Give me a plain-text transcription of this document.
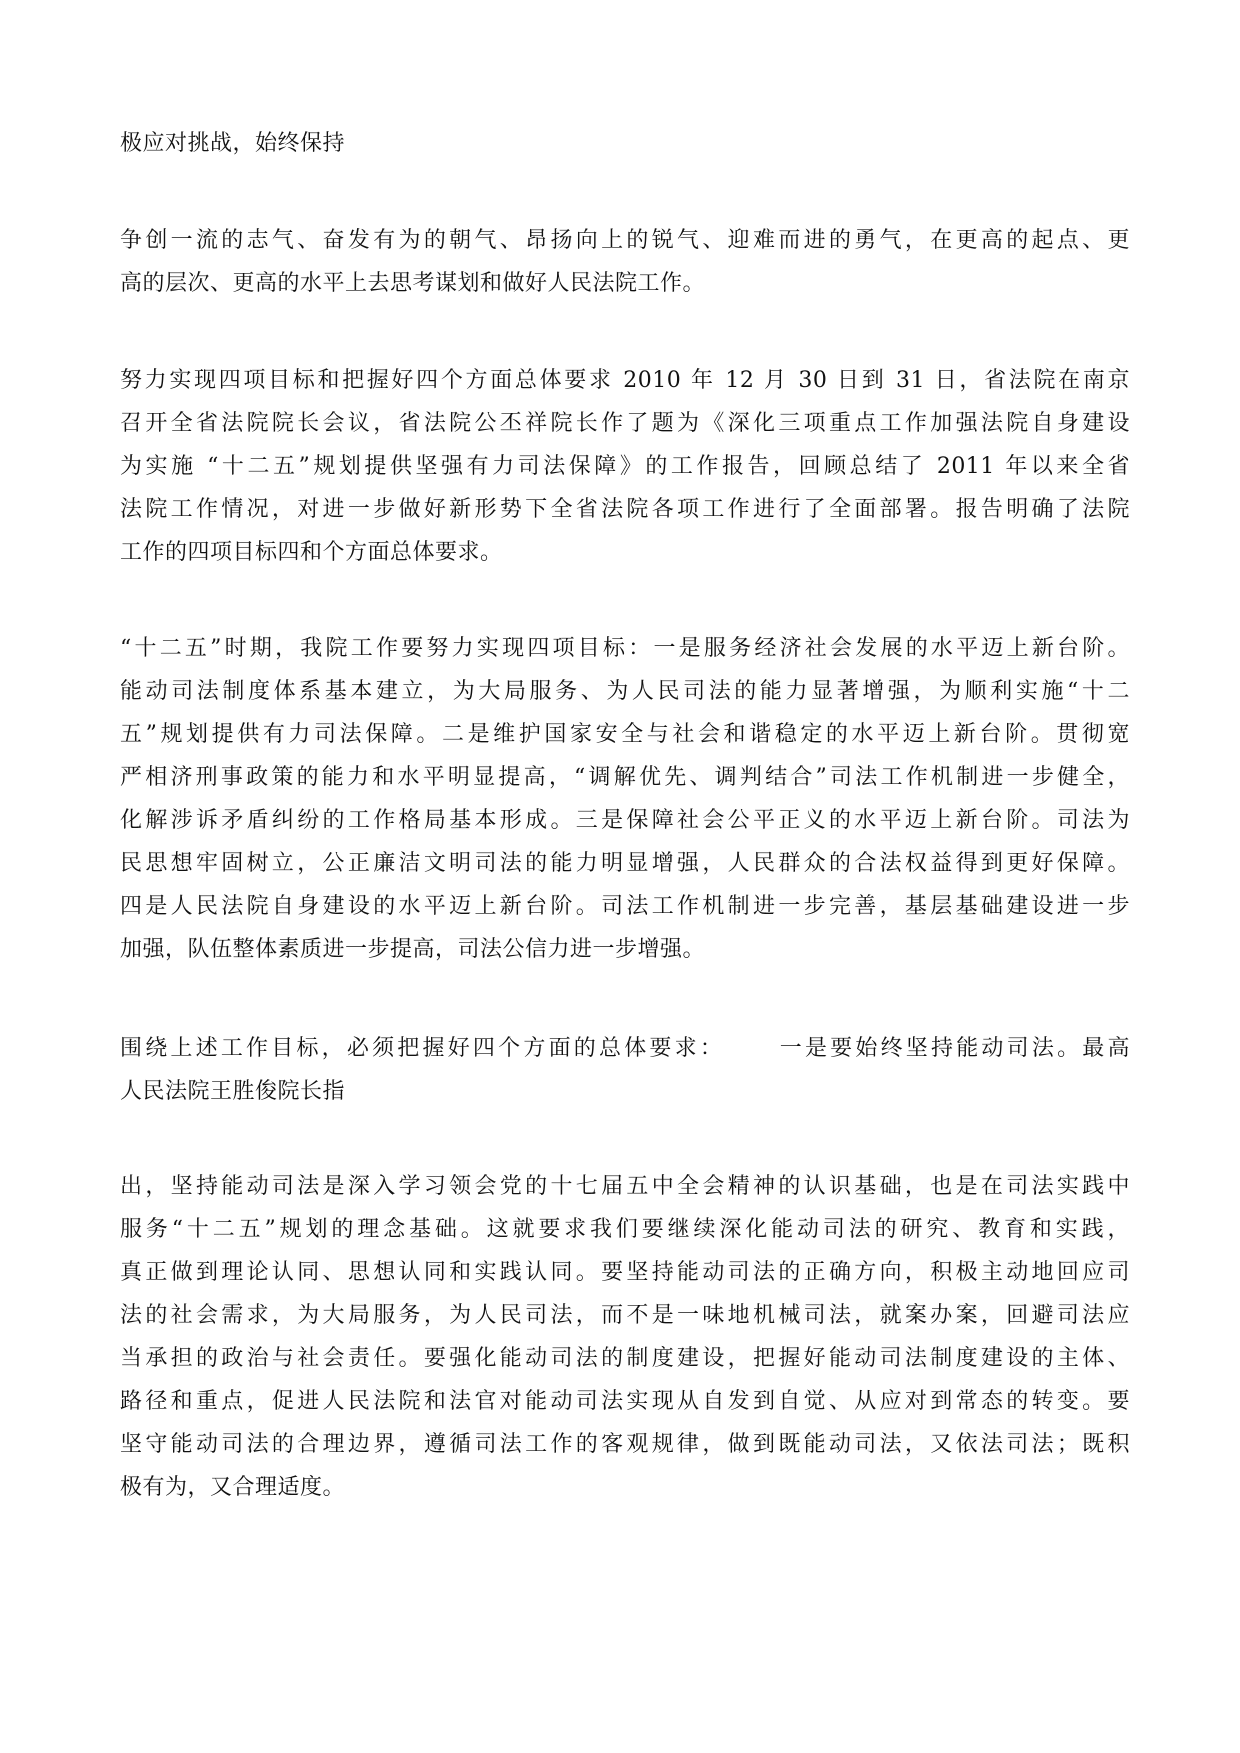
极应对挑战，始终保持

争创一流的志气、奋发有为的朝气、昂扬向上的锐气、迎难而进的勇气，在更高的起点、更
高的层次、更高的水平上去思考谋划和做好人民法院工作。

努力实现四项目标和把握好四个方面总体要求 2010 年 12 月 30 日到 31 日，省法院在南京
召开全省法院院长会议，省法院公丕祥院长作了题为《深化三项重点工作加强法院自身建设
为实施 “十二五”规划提供坚强有力司法保障》的工作报告，回顾总结了 2011 年以来全省
法院工作情况，对进一步做好新形势下全省法院各项工作进行了全面部署。报告明确了法院
工作的四项目标四和个方面总体要求。

“十二五”时期，我院工作要努力实现四项目标：一是服务经济社会发展的水平迈上新台阶。
能动司法制度体系基本建立，为大局服务、为人民司法的能力显著增强，为顺利实施“十二
五”规划提供有力司法保障。二是维护国家安全与社会和谐稳定的水平迈上新台阶。贯彻宽
严相济刑事政策的能力和水平明显提高，“调解优先、调判结合”司法工作机制进一步健全，
化解涉诉矛盾纠纷的工作格局基本形成。三是保障社会公平正义的水平迈上新台阶。司法为
民思想牢固树立，公正廉洁文明司法的能力明显增强，人民群众的合法权益得到更好保障。
四是人民法院自身建设的水平迈上新台阶。司法工作机制进一步完善，基层基础建设进一步
加强，队伍整体素质进一步提高，司法公信力进一步增强。

围绕上述工作目标，必须把握好四个方面的总体要求： 一是要始终坚持能动司法。最高
人民法院王胜俊院长指

出，坚持能动司法是深入学习领会党的十七届五中全会精神的认识基础，也是在司法实践中
服务“十二五”规划的理念基础。这就要求我们要继续深化能动司法的研究、教育和实践，
真正做到理论认同、思想认同和实践认同。要坚持能动司法的正确方向，积极主动地回应司
法的社会需求，为大局服务，为人民司法，而不是一味地机械司法，就案办案，回避司法应
当承担的政治与社会责任。要强化能动司法的制度建设，把握好能动司法制度建设的主体、
路径和重点，促进人民法院和法官对能动司法实现从自发到自觉、从应对到常态的转变。要
坚守能动司法的合理边界，遵循司法工作的客观规律，做到既能动司法，又依法司法；既积
极有为，又合理适度。
